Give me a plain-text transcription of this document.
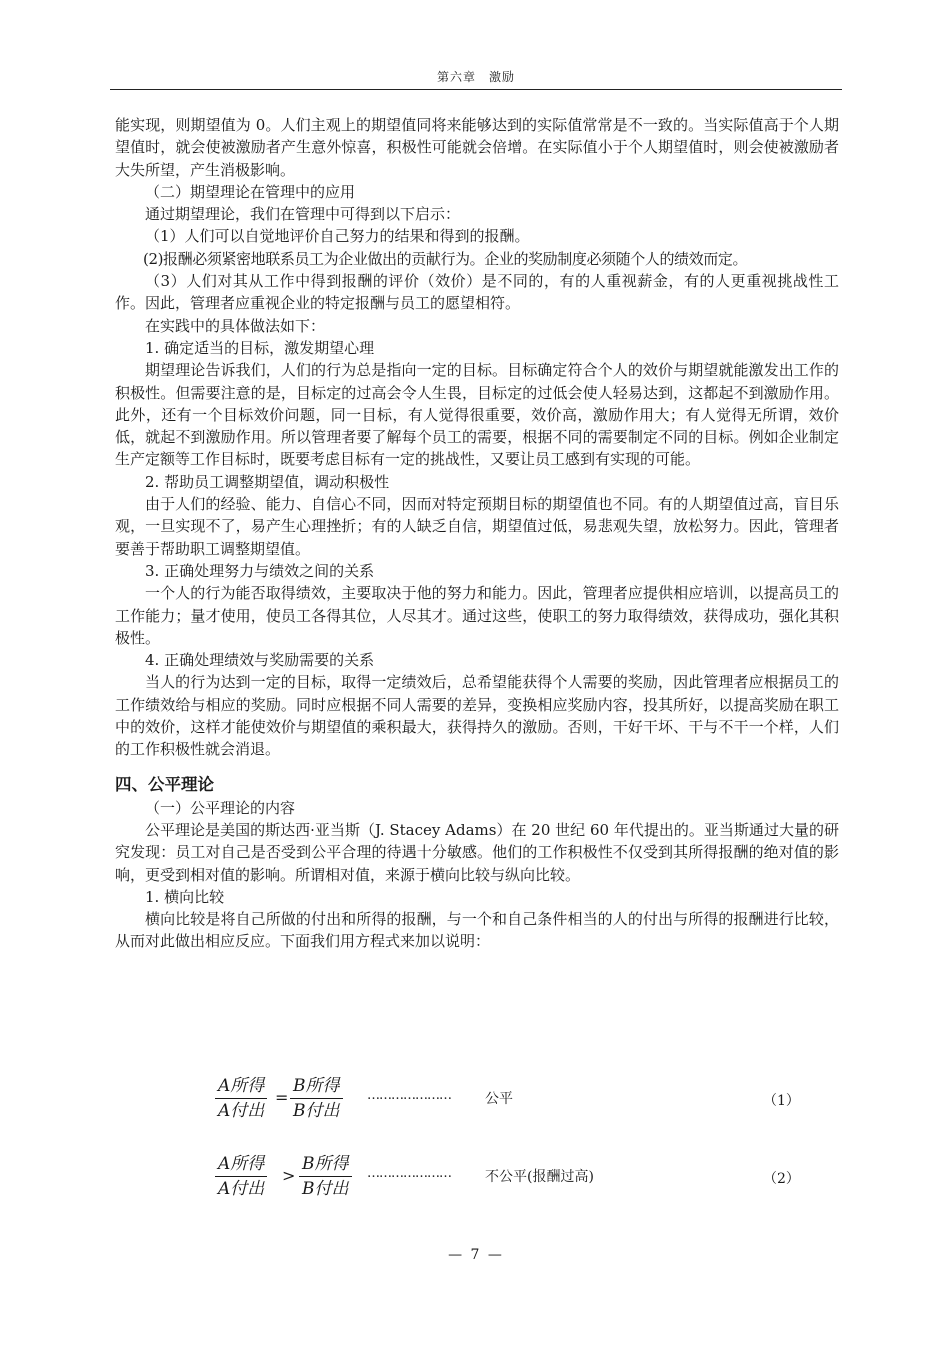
第六章　激励

能实现，则期望值为 0。人们主观上的期望值同将来能够达到的实际值常常是不一致的。当实际值高于个人期望值时，就会使被激励者产生意外惊喜，积极性可能就会倍增。在实际值小于个人期望值时，则会使被激励者大失所望，产生消极影响。

（二）期望理论在管理中的应用

通过期望理论，我们在管理中可得到以下启示：

（1）人们可以自觉地评价自己努力的结果和得到的报酬。

(2)报酬必须紧密地联系员工为企业做出的贡献行为。企业的奖励制度必须随个人的绩效而定。

（3）人们对其从工作中得到报酬的评价（效价）是不同的，有的人重视薪金，有的人更重视挑战性工作。因此，管理者应重视企业的特定报酬与员工的愿望相符。

在实践中的具体做法如下：

1. 确定适当的目标，激发期望心理

期望理论告诉我们，人们的行为总是指向一定的目标。目标确定符合个人的效价与期望就能激发出工作的积极性。但需要注意的是，目标定的过高会令人生畏，目标定的过低会使人轻易达到，这都起不到激励作用。此外，还有一个目标效价问题，同一目标，有人觉得很重要，效价高，激励作用大；有人觉得无所谓，效价低，就起不到激励作用。所以管理者要了解每个员工的需要，根据不同的需要制定不同的目标。例如企业制定生产定额等工作目标时，既要考虑目标有一定的挑战性，又要让员工感到有实现的可能。

2. 帮助员工调整期望值，调动积极性

由于人们的经验、能力、自信心不同，因而对特定预期目标的期望值也不同。有的人期望值过高，盲目乐观，一旦实现不了，易产生心理挫折；有的人缺乏自信，期望值过低，易悲观失望，放松努力。因此，管理者要善于帮助职工调整期望值。

3. 正确处理努力与绩效之间的关系

一个人的行为能否取得绩效，主要取决于他的努力和能力。因此，管理者应提供相应培训，以提高员工的工作能力；量才使用，使员工各得其位，人尽其才。通过这些，使职工的努力取得绩效，获得成功，强化其积极性。

4. 正确处理绩效与奖励需要的关系

当人的行为达到一定的目标，取得一定绩效后，总希望能获得个人需要的奖励，因此管理者应根据员工的工作绩效给与相应的奖励。同时应根据不同人需要的差异，变换相应奖励内容，投其所好，以提高奖励在职工中的效价，这样才能使效价与期望值的乘积最大，获得持久的激励。否则，干好干坏、干与不干一个样，人们的工作积极性就会消退。

四、公平理论

（一）公平理论的内容

公平理论是美国的斯达西·亚当斯（J. Stacey Adams）在 20 世纪 60 年代提出的。亚当斯通过大量的研究发现：员工对自己是否受到公平合理的待遇十分敏感。他们的工作积极性不仅受到其所得报酬的绝对值的影响，更受到相对值的影响。所谓相对值，来源于横向比较与纵向比较。

1. 横向比较

横向比较是将自己所做的付出和所得的报酬，与一个和自己条件相当的人的付出与所得的报酬进行比较，从而对此做出相应反应。下面我们用方程式来加以说明：

A所得
A付出
=
B所得
B付出
………………… 公平	（1）
A所得
A付出
>
B所得
B付出
………………… 不公平(报酬过高)	（2）
— 7 —
